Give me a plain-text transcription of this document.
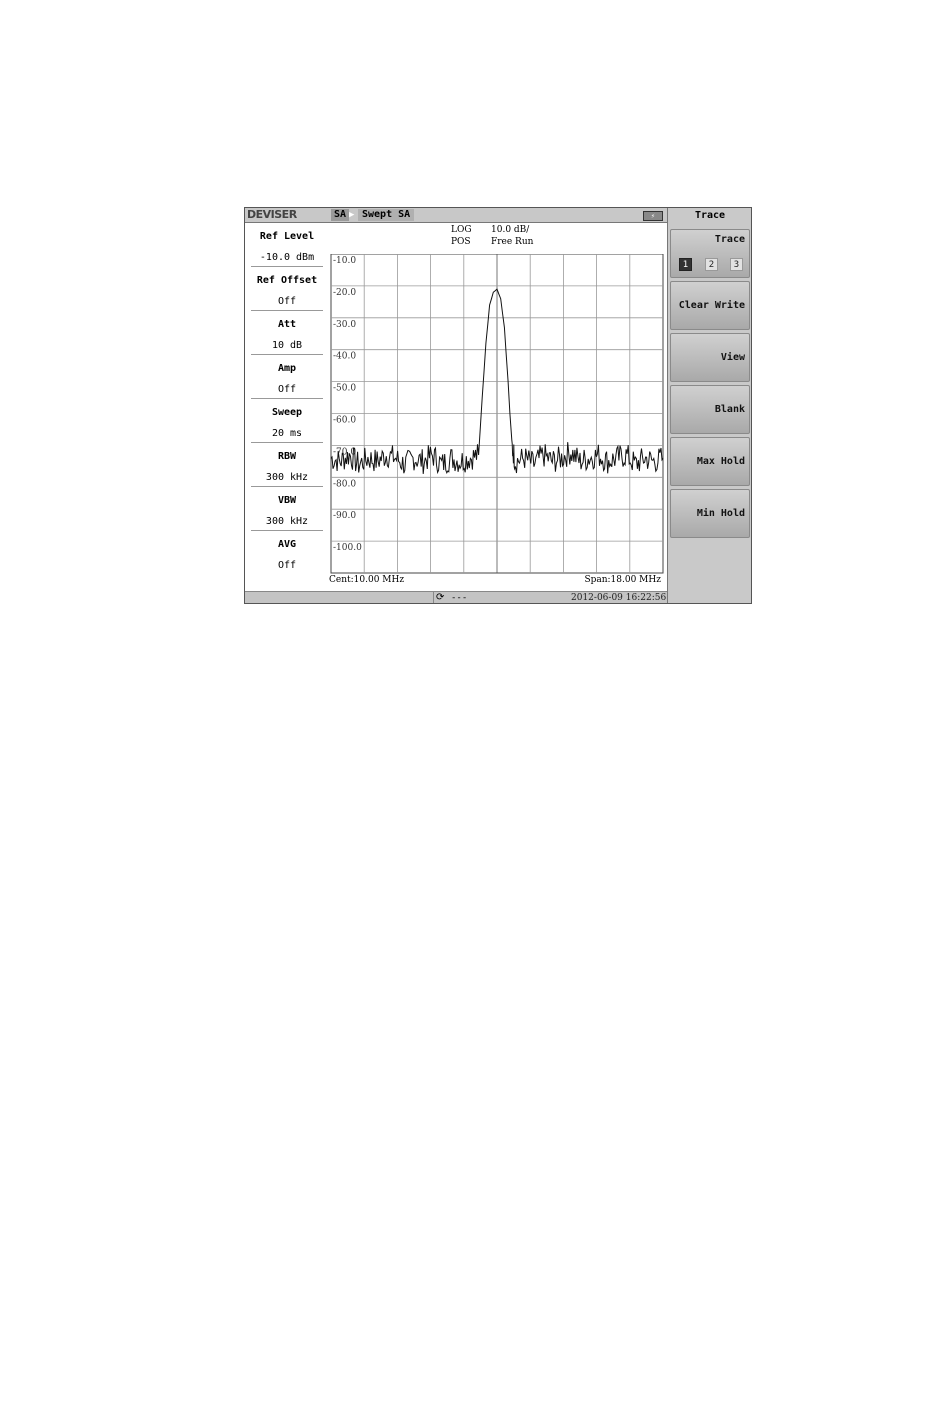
DEVISER	SA ▶ Swept SA	⚡
Ref Level
-10.0 dBm
Ref Offset
Off
Att
10 dB
Amp
Off
Sweep
20 ms
RBW
300 kHz
VBW
300 kHz
AVG
Off
LOG
POS
10.0 dB/
Free Run
-10.0
-20.0
-30.0
-40.0
-50.0
-60.0
-70.0
-80.0
-90.0
-100.0
Cent:10.00 MHz	Span:18.00 MHz
⟳ ---	2012-06-09 16:22:56
Trace
Trace
1	2	3
Clear Write
View
Blank
Max Hold
Min Hold
